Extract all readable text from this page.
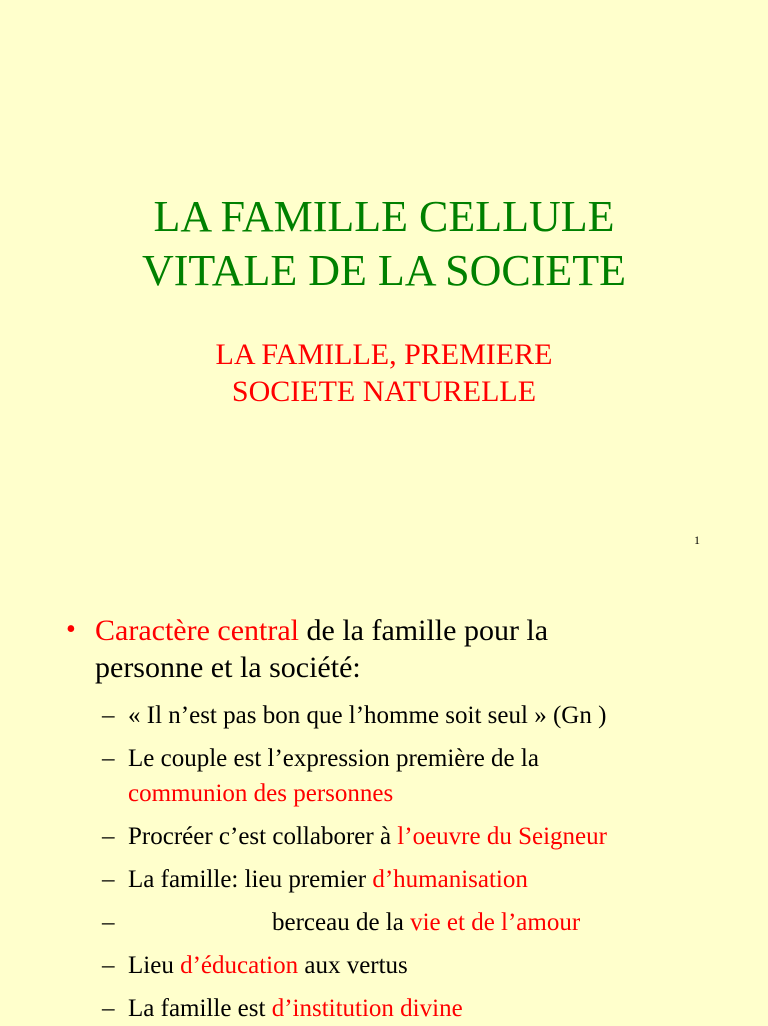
LA FAMILLE CELLULE
VITALE DE LA SOCIETE
LA FAMILLE, PREMIERE
SOCIETE NATURELLE
1
• Caractère central de la famille pour la
personne et la société:
– « Il n’est pas bon que l’homme soit seul » (Gn )
– Le couple est l’expression première de la
communion des personnes
– Procréer c’est collaborer à l’oeuvre du Seigneur
– La famille: lieu premier d’humanisation
–	berceau de la vie et de l’amour
– Lieu d’éducation aux vertus
– La famille est d’institution divine
